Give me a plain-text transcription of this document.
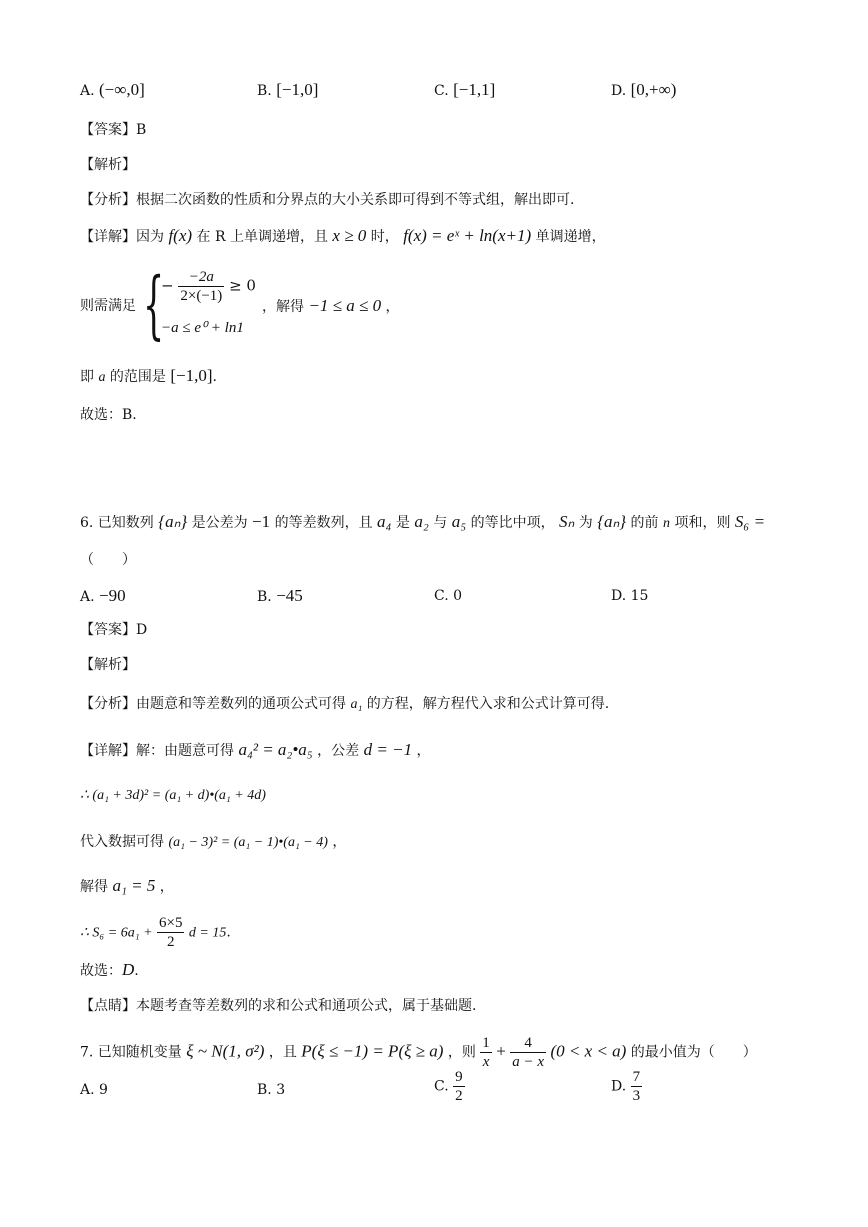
A. (−∞,0]	B. [−1,0]	C. [−1,1]	D. [0,+∞)
【答案】B
【解析】
【分析】根据二次函数的性质和分界点的大小关系即可得到不等式组，解出即可.
【详解】因为 f(x) 在 R 上单调递增，且 x ≥ 0 时， f(x) = eˣ + ln(x+1) 单调递增，
则需满足 {
− $\frac{-2a}{2\times(-1)} \ge 0$
−a ≤ e⁰ + ln1
，解得 −1 ≤ a ≤ 0 ，
即 a 的范围是 [−1,0].
故选：B.
6. 已知数列 {aₙ} 是公差为 −1 的等差数列，且 a₄ 是 a₂ 与 a₅ 的等比中项， Sₙ 为 {aₙ} 的前 n 项和，则 S₆ =
（　　）
A. −90	B. −45	C. 0	D. 15
【答案】D
【解析】
【分析】由题意和等差数列的通项公式可得 a₁ 的方程，解方程代入求和公式计算可得.
【详解】解：由题意可得 a₄² = a₂•a₅ ，公差 d = −1 ，
∴ (a₁ + 3d)² = (a₁ + d)•(a₁ + 4d)
代入数据可得 (a₁ − 3)² = (a₁ − 1)•(a₁ − 4) ，
解得 a₁ = 5 ，
∴ $S_6 = 6a_1 + \frac{6\times 5}{2}$ d = 15.
故选：D.
【点睛】本题考查等差数列的求和公式和通项公式，属于基础题.
7. 已知随机变量 ξ ~ N(1, σ²) ，且 P(ξ ≤ −1) = P(ξ ≥ a) ，则 $\frac{1}{x} + \frac{4}{a - x} (0 < x < a)$ 的最小值为（　　）
A. 9	B. 3	C. $\frac{9}{2}$	D. $\frac{7}{3}$
